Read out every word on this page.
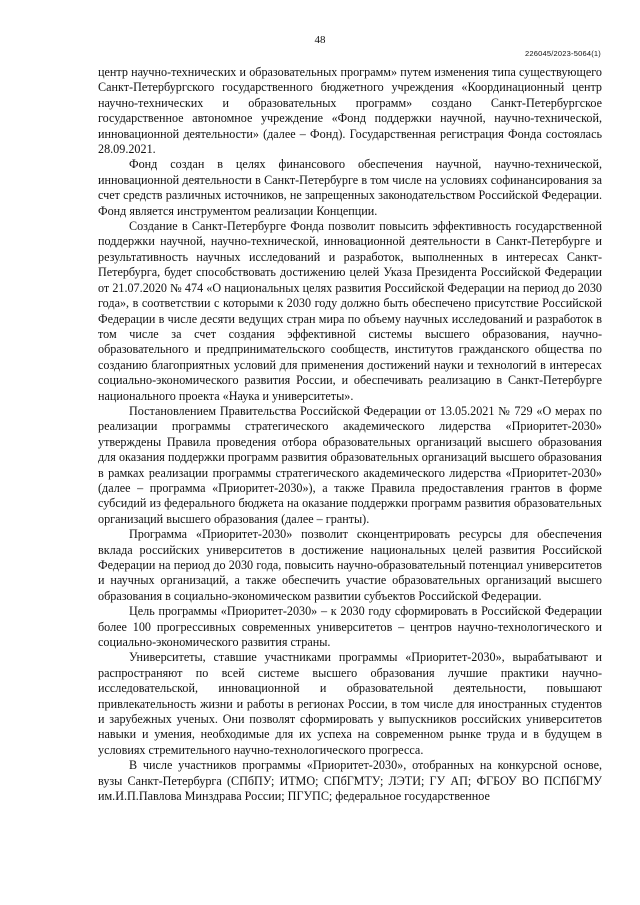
48
226045/2023-5064(1)

центр научно-технических и образовательных программ» путем изменения типа существующего Санкт-Петербургского государственного бюджетного учреждения «Координационный центр научно-технических и образовательных программ» создано Санкт-Петербургское государственное автономное учреждение «Фонд поддержки научной, научно-технической, инновационной деятельности» (далее – Фонд). Государственная регистрация Фонда состоялась 28.09.2021.

Фонд создан в целях финансового обеспечения научной, научно-технической, инновационной деятельности в Санкт-Петербурге в том числе на условиях софинансирования за счет средств различных источников, не запрещенных законодательством Российской Федерации. Фонд является инструментом реализации Концепции.

Создание в Санкт-Петербурге Фонда позволит повысить эффективность государственной поддержки научной, научно-технической, инновационной деятельности в Санкт-Петербурге и результативность научных исследований и разработок, выполненных в интересах Санкт-Петербурга, будет способствовать достижению целей Указа Президента Российской Федерации от 21.07.2020 № 474 «О национальных целях развития Российской Федерации на период до 2030 года», в соответствии с которыми к 2030 году должно быть обеспечено присутствие Российской Федерации в числе десяти ведущих стран мира по объему научных исследований и разработок в том числе за счет создания эффективной системы высшего образования, научно-образовательного и предпринимательского сообществ, институтов гражданского общества по созданию благоприятных условий для применения достижений науки и технологий в интересах социально-экономического развития России, и обеспечивать реализацию в Санкт-Петербурге национального проекта «Наука и университеты».

Постановлением Правительства Российской Федерации от 13.05.2021 № 729 «О мерах по реализации программы стратегического академического лидерства «Приоритет-2030» утверждены Правила проведения отбора образовательных организаций высшего образования для оказания поддержки программ развития образовательных организаций высшего образования в рамках реализации программы стратегического академического лидерства «Приоритет-2030» (далее – программа «Приоритет-2030»), а также Правила предоставления грантов в форме субсидий из федерального бюджета на оказание поддержки программ развития образовательных организаций высшего образования (далее – гранты).

Программа «Приоритет-2030» позволит сконцентрировать ресурсы для обеспечения вклада российских университетов в достижение национальных целей развития Российской Федерации на период до 2030 года, повысить научно-образовательный потенциал университетов и научных организаций, а также обеспечить участие образовательных организаций высшего образования в социально-экономическом развитии субъектов Российской Федерации.

Цель программы «Приоритет-2030» – к 2030 году сформировать в Российской Федерации более 100 прогрессивных современных университетов – центров научно-технологического и социально-экономического развития страны.

Университеты, ставшие участниками программы «Приоритет-2030», вырабатывают и распространяют по всей системе высшего образования лучшие практики научно-исследовательской, инновационной и образовательной деятельности, повышают привлекательность жизни и работы в регионах России, в том числе для иностранных студентов и зарубежных ученых. Они позволят сформировать у выпускников российских университетов навыки и умения, необходимые для их успеха на современном рынке труда и в будущем в условиях стремительного научно-технологического прогресса.

В числе участников программы «Приоритет-2030», отобранных на конкурсной основе, вузы Санкт-Петербурга (СПбПУ; ИТМО; СПбГМТУ; ЛЭТИ; ГУ АП; ФГБОУ ВО ПСПбГМУ им.И.П.Павлова Минздрава России; ПГУПС; федеральное государственное
